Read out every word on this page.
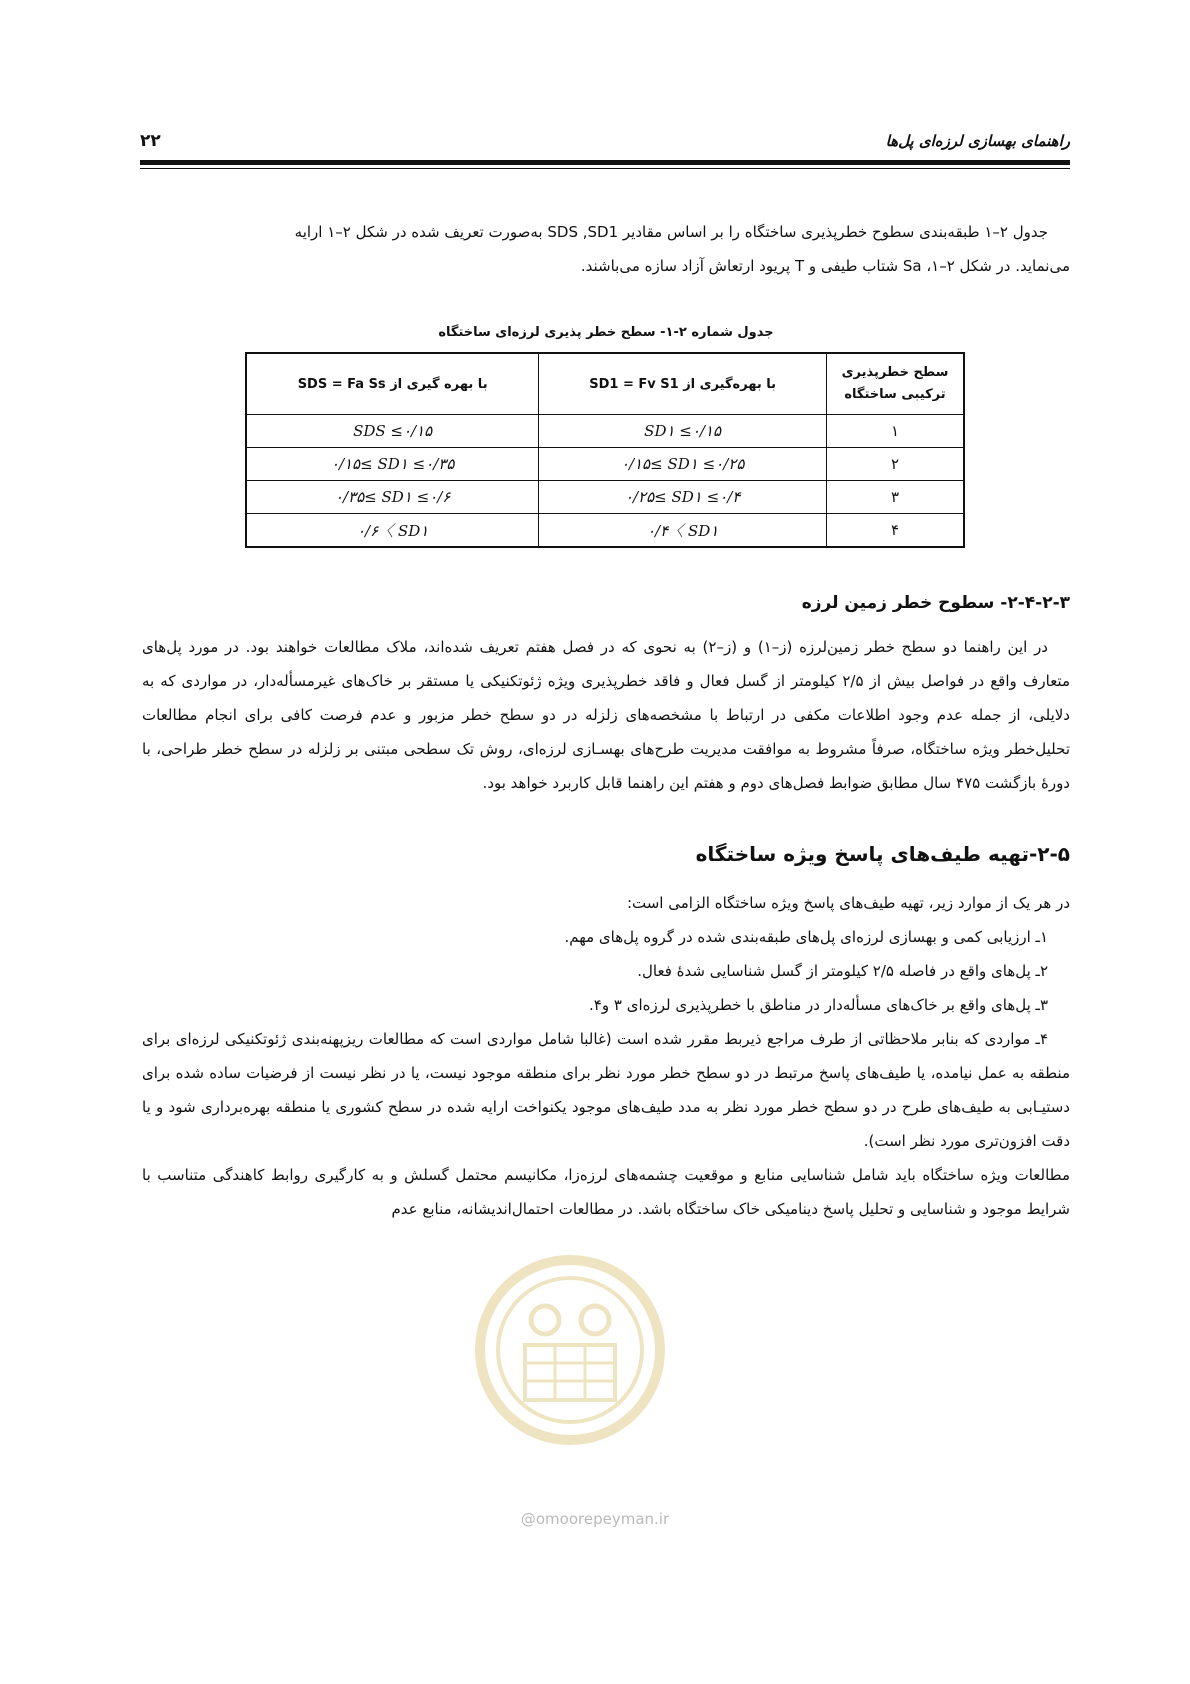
راهنمای بهسازی لرزه‌ای پل‌ها
۲۲

جدول ۲–۱ طبقه‌بندی سطوح خطرپذیری ساختگاه را بر اساس مقادیر SDS ,SD1 به‌صورت تعریف شده در شکل ۲–۱ ارایه
می‌نماید. در شکل ۲–۱، Sa شتاب طیفی و T پریود ارتعاش آزاد سازه می‌باشند.

جدول شماره ۲-۱- سطح خطر پذیری لرزه‌ای ساختگاه
سطح خطرپذیری ترکیبی ساختگاه	با بهره‌گیری از SD1 = Fv S1	با بهره گیری از SDS = Fa Ss
۱	SD۱ ≤۰/۱۵	SDS ≤۰/۱۵
۲	۰/۱۵≤ SD۱ ≤۰/۲۵	۰/۱۵≤ SD۱ ≤۰/۳۵
۳	۰/۲۵≤ SD۱ ≤۰/۴	۰/۳۵≤ SD۱ ≤۰/۶
۴	۰/۴〈 SD۱	۰/۶〈 SD۱
۲-۴-۲-۳- سطوح خطر زمین لرزه

در این راهنما دو سطح خطر زمین‌لرزه (ز–۱) و (ز–۲) به نحوی که در فصل هفتم تعریف شده‌اند، ملاک مطالعات خواهند بود. در مورد پل‌های متعارف واقع در فواصل بیش از ۲/۵ کیلومتر از گسل فعال و فاقد خطرپذیری ویژه ژئوتکنیکی یا مستقر بر خاک‌های غیرمسأله‌دار، در مواردی که به دلایلی، از جمله عدم وجود اطلاعات مکفی در ارتباط با مشخصه‌های زلزله در دو سطح خطر مزبور و عدم فرصت کافی برای انجام مطالعات تحلیل‌خطر ویژه ساختگاه، صرفاً مشروط به موافقت مدیریت طرح‌های بهسـازی لرزه‌ای، روش تک سطحی مبتنی بر زلزله در سطح خطر طراحی، با دورهٔ بازگشت ۴۷۵ سال مطابق ضوابط فصل‌های دوم و هفتم این راهنما قابل کاربرد خواهد بود.

۲-۵-تهیه طیف‌های پاسخ ویژه ساختگاه

در هر یک از موارد زیر، تهیه طیف‌های پاسخ ویژه ساختگاه الزامی است:

۱ـ ارزیابی کمی و بهسازی لرزه‌ای پل‌های طبقه‌بندی شده در گروه پل‌های مهم.

۲ـ پل‌های واقع در فاصله ۲/۵ کیلومتر از گسل شناسایی شدهٔ فعال.

۳ـ پل‌های واقع بر خاک‌های مسأله‌دار در مناطق با خطرپذیری لرزه‌ای ۳ و۴.

۴ـ مواردی که بنابر ملاحظاتی از طرف مراجع ذیربط مقرر شده است (غالبا شامل مواردی است که مطالعات ریزپهنه‌بندی ژئوتکنیکی لرزه‌ای برای منطقه به عمل نیامده، یا طیف‌های پاسخ مرتبط در دو سطح خطر مورد نظر برای منطقه موجود نیست، یا در نظر نیست از فرضیات ساده شده برای دستیـابی به طیف‌های طرح در دو سطح خطر مورد نظر به مدد طیف‌های موجود یکنواخت ارایه شده در سطح کشوری یا منطقه بهره‌برداری شود و یا دقت افزون‌تری مورد نظر است).

مطالعات ویژه ساختگاه باید شامل شناسایی منابع و موقعیت چشمه‌های لرزه‌زا، مکانیسم محتمل گسلش و به کارگیری روابط کاهندگی متناسب با شرایط موجود و شناسایی و تحلیل پاسخ دینامیکی خاک ساختگاه باشد. در مطالعات احتمال‌اندیشانه، منابع عدم

@omoorepeyman.ir
